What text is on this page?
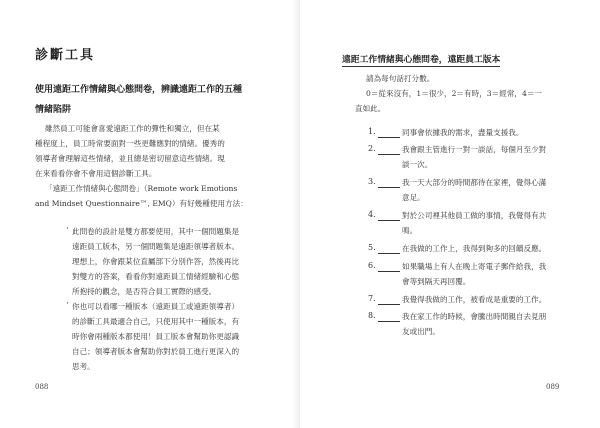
診斷工具
使用遠距工作情緒與心態問卷，辨識遠距工作的五種
情緒陷阱
雖然員工可能會喜愛遠距工作的彈性和獨立，但在某
種程度上，員工時常要面對一些更難應對的情緒。優秀的
領導者會理解這些情緒，並且總是密切留意這些情緒。現
在來看看你會不會用這個診斷工具。
「遠距工作情緒與心態問卷」（Remote work Emotions
and Mindset Questionnaire™, EMQ）有好幾種使用方法：
· 此問卷的設計是雙方都要使用，其中一個問題集是
遠距員工版本，另一個問題集是遠距領導者版本。
理想上，你會跟某位直屬部下分別作答，然後再比
對雙方的答案，看看你對遠距員工情緒經驗和心態
所抱持的觀念，是否符合員工實際的感受。
· 你也可以看哪一種版本（遠距員工或遠距領導者）
的診斷工具最適合自己，只使用其中一種版本，有
時你會兩種版本都使用！員工版本會幫助你更認識
自己；領導者版本會幫助你對於員工進行更深入的
思考。
088
遠距工作情緒與心態問卷，遠距員工版本
請為每句話打分數。
0＝從來沒有，1＝很少，2＝有時，3＝經常，4＝一
直如此。
1.	同事會依據我的需求，盡量支援我。
2.	我會跟主管進行一對一談話，每個月至少對
談一次。
3.	我一天大部分的時間都待在家裡，覺得心滿
意足。
4.	對於公司裡其他員工做的事情，我覺得有共
鳴。
5.	在我做的工作上，我得到夠多的回饋反應。
6.	如果職場上有人在晚上寄電子郵件給我，我
會等到隔天再回覆。
7.	我覺得我做的工作，被看成是重要的工作。
8.	我在家工作的時候，會騰出時間親自去見朋
友或出門。
089
